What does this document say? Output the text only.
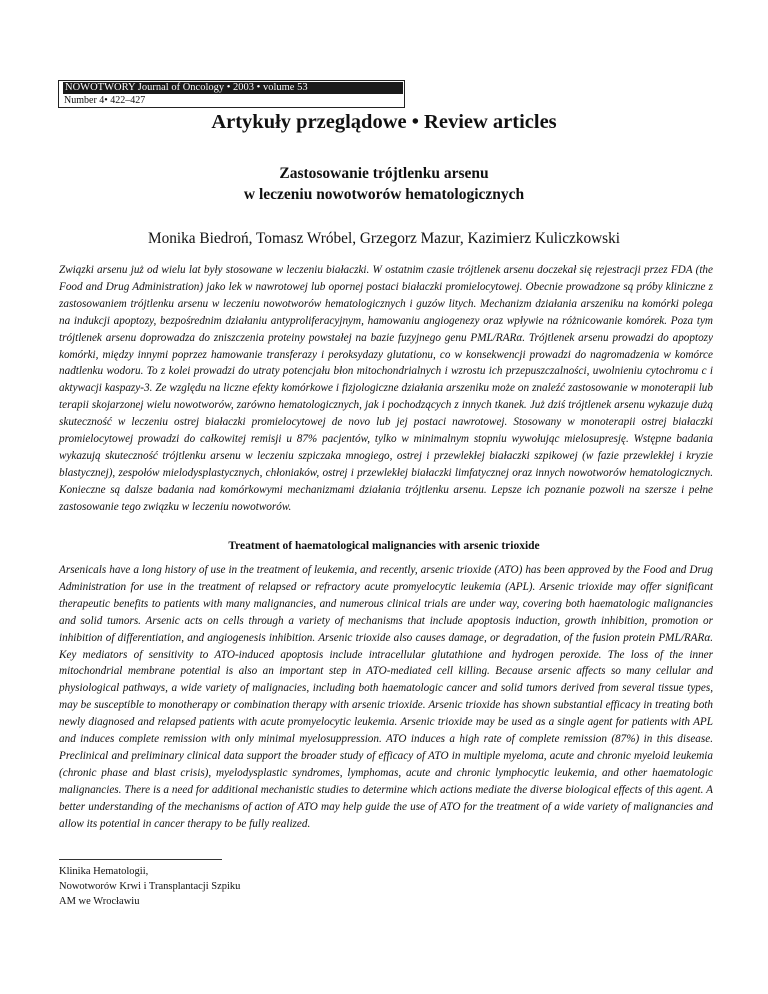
NOWOTWORY Journal of Oncology • 2003 • volume 53
Number 4• 422–427
Artykuły przeglądowe • Review articles
Zastosowanie trójtlenku arsenu
w leczeniu nowotworów hematologicznych
Monika Biedroń, Tomasz Wróbel, Grzegorz Mazur, Kazimierz Kuliczkowski

Związki arsenu już od wielu lat były stosowane w leczeniu białaczki. W ostatnim czasie trójtlenek arsenu doczekał się rejestracji przez FDA (the Food and Drug Administration) jako lek w nawrotowej lub opornej postaci białaczki promielocytowej. Obecnie prowadzone są próby kliniczne z zastosowaniem trójtlenku arsenu w leczeniu nowotworów hematologicznych i guzów litych. Mechanizm działania arszeniku na komórki polega na indukcji apoptozy, bezpośrednim działaniu antyproliferacyjnym, hamowaniu angiogenezy oraz wpływie na różnicowanie komórek. Poza tym trójtlenek arsenu doprowadza do zniszczenia proteiny powstałej na bazie fuzyjnego genu PML/RARα. Trójtlenek arsenu prowadzi do apoptozy komórki, między innymi poprzez hamowanie transferazy i peroksydazy glutationu, co w konsekwencji prowadzi do nagromadzenia w komórce nadtlenku wodoru. To z kolei prowadzi do utraty potencjału błon mitochondrialnych i wzrostu ich przepuszczalności, uwolnieniu cytochromu c i aktywacji kaspazy-3. Ze względu na liczne efekty komórkowe i fizjologiczne działania arszeniku może on znaleźć zastosowanie w monoterapii lub terapii skojarzonej wielu nowotworów, zarówno hematologicznych, jak i pochodzących z innych tkanek. Już dziś trójtlenek arsenu wykazuje dużą skuteczność w leczeniu ostrej białaczki promielocytowej de novo lub jej postaci nawrotowej. Stosowany w monoterapii ostrej białaczki promielocytowej prowadzi do całkowitej remisji u 87% pacjentów, tylko w minimalnym stopniu wywołując mielosupresję. Wstępne badania wykazują skuteczność trójtlenku arsenu w leczeniu szpiczaka mnogiego, ostrej i przewlekłej białaczki szpikowej (w fazie przewlekłej i kryzie blastycznej), zespołów mielodysplastycznych, chłoniaków, ostrej i przewlekłej białaczki limfatycznej oraz innych nowotworów hematologicznych. Konieczne są dalsze badania nad komórkowymi mechanizmami działania trójtlenku arsenu. Lepsze ich poznanie pozwoli na szersze i pełne zastosowanie tego związku w leczeniu nowotworów.

Treatment of haematological malignancies with arsenic trioxide

Arsenicals have a long history of use in the treatment of leukemia, and recently, arsenic trioxide (ATO) has been approved by the Food and Drug Administration for use in the treatment of relapsed or refractory acute promyelocytic leukemia (APL). Arsenic trioxide may offer significant therapeutic benefits to patients with many malignancies, and numerous clinical trials are under way, covering both haematologic malignancies and solid tumors. Arsenic acts on cells through a variety of mechanisms that include apoptosis induction, growth inhibition, promotion or inhibition of differentiation, and angiogenesis inhibition. Arsenic trioxide also causes damage, or degradation, of the fusion protein PML/RARα. Key mediators of sensitivity to ATO-induced apoptosis include intracellular glutathione and hydrogen peroxide. The loss of the inner mitochondrial membrane potential is also an important step in ATO-mediated cell killing. Because arsenic affects so many cellular and physiological pathways, a wide variety of malignacies, including both haematologic cancer and solid tumors derived from several tissue types, may be susceptible to monotherapy or combination therapy with arsenic trioxide. Arsenic trioxide has shown substantial efficacy in treating both newly diagnosed and relapsed patients with acute promyelocytic leukemia. Arsenic trioxide may be used as a single agent for patients with APL and induces complete remission with only minimal myelosuppression. ATO induces a high rate of complete remission (87%) in this disease. Preclinical and preliminary clinical data support the broader study of efficacy of ATO in multiple myeloma, acute and chronic myeloid leukemia (chronic phase and blast crisis), myelodysplastic syndromes, lymphomas, acute and chronic lymphocytic leukemia, and other haematologic malignancies. There is a need for additional mechanistic studies to determine which actions mediate the diverse biological effects of this agent. A better understanding of the mechanisms of action of ATO may help guide the use of ATO for the treatment of a wide variety of malignancies and allow its potential in cancer therapy to be fully realized.

Klinika Hematologii,
Nowotworów Krwi i Transplantacji Szpiku
AM we Wrocławiu
